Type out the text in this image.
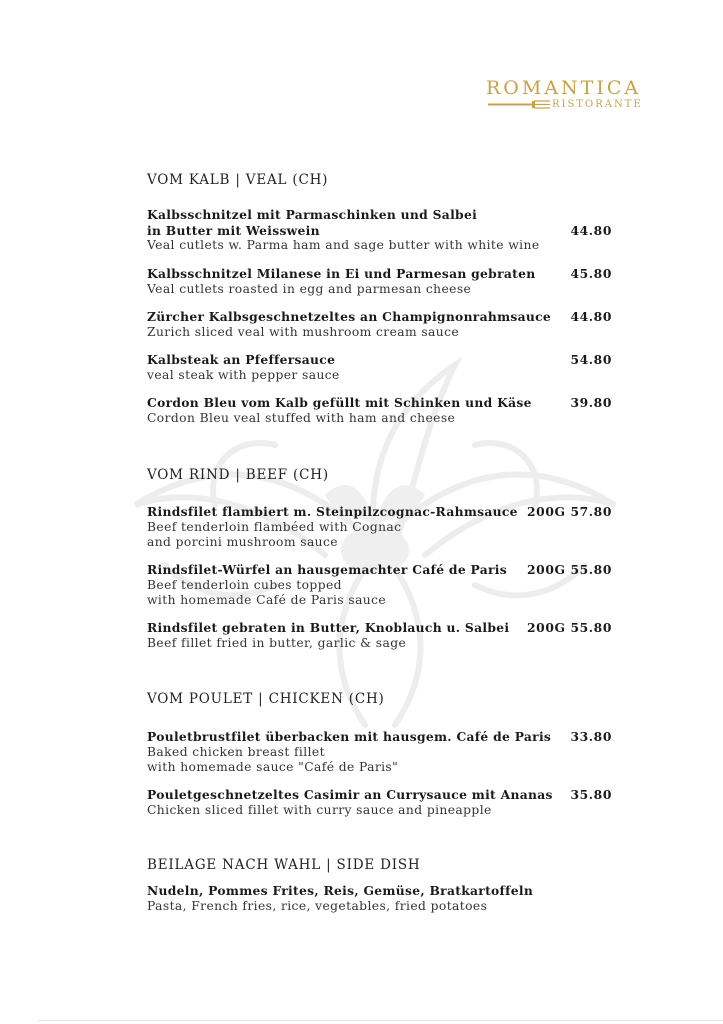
ROMANTICA
RISTORANTE
VOM KALB | VEAL (CH)
Kalbsschnitzel mit Parmaschinken und Salbei
in Butter mit Weisswein
Veal cutlets w. Parma ham and sage butter with white wine
44.80
Kalbsschnitzel Milanese in Ei und Parmesan gebraten
Veal cutlets roasted in egg and parmesan cheese
45.80
Zürcher Kalbsgeschnetzeltes an Champignonrahmsauce
Zurich sliced veal with mushroom cream sauce
44.80
Kalbsteak an Pfeffersauce
veal steak with pepper sauce
54.80
Cordon Bleu vom Kalb gefüllt mit Schinken und Käse
Cordon Bleu veal stuffed with ham and cheese
39.80
VOM RIND | BEEF (CH)
Rindsfilet flambiert m. Steinpilzcognac-Rahmsauce
Beef tenderloin flambéed with Cognac
and porcini mushroom sauce
200G 57.80
Rindsfilet-Würfel an hausgemachter Café de Paris
Beef tenderloin cubes topped
with homemade Café de Paris sauce
200G 55.80
Rindsfilet gebraten in Butter, Knoblauch u. Salbei
Beef fillet fried in butter, garlic & sage
200G 55.80
VOM POULET | CHICKEN (CH)
Pouletbrustfilet überbacken mit hausgem. Café de Paris
Baked chicken breast fillet
with homemade sauce "Café de Paris"
33.80
Pouletgeschnetzeltes Casimir an Currysauce mit Ananas
Chicken sliced fillet with curry sauce and pineapple
35.80
BEILAGE NACH WAHL | SIDE DISH
Nudeln, Pommes Frites, Reis, Gemüse, Bratkartoffeln
Pasta, French fries, rice, vegetables, fried potatoes
